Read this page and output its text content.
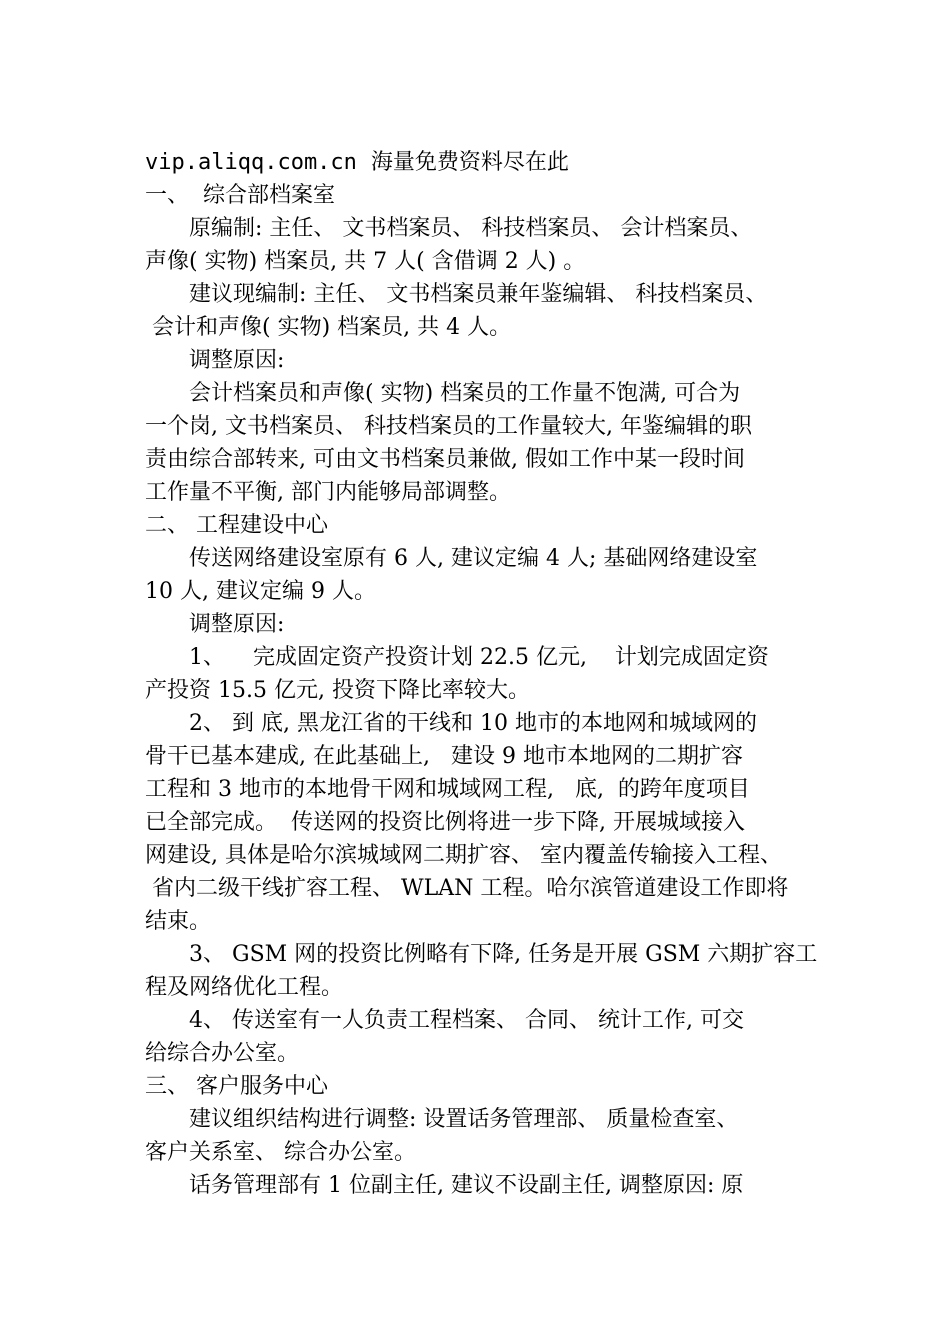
vip.aliqq.com.cn 海量免费资料尽在此
一、  综合部档案室
原编制: 主任、 文书档案员、 科技档案员、 会计档案员、
声像( 实物) 档案员, 共 7 人( 含借调 2 人) 。
建议现编制: 主任、 文书档案员兼年鉴编辑、 科技档案员、
会计和声像( 实物) 档案员, 共 4 人。
调整原因:
会计档案员和声像( 实物) 档案员的工作量不饱满, 可合为
一个岗, 文书档案员、 科技档案员的工作量较大, 年鉴编辑的职
责由综合部转来, 可由文书档案员兼做, 假如工作中某一段时间
工作量不平衡, 部门内能够局部调整。
二、 工程建设中心
传送网络建设室原有 6 人, 建议定编 4 人; 基础网络建设室
10 人, 建议定编 9 人。
调整原因:
1、    完成固定资产投资计划 22.5 亿元,    计划完成固定资
产投资 15.5 亿元, 投资下降比率较大。
2、 到 底, 黑龙江省的干线和 10 地市的本地网和城域网的
骨干已基本建成, 在此基础上,   建设 9 地市本地网的二期扩容
工程和 3 地市的本地骨干网和城域网工程,   底,  的跨年度项目
已全部完成。  传送网的投资比例将进一步下降, 开展城域接入
网建设, 具体是哈尔滨城域网二期扩容、 室内覆盖传输接入工程、
省内二级干线扩容工程、 WLAN 工程。哈尔滨管道建设工作即将
结束。
3、 GSM 网的投资比例略有下降, 任务是开展 GSM 六期扩容工
程及网络优化工程。
4、 传送室有一人负责工程档案、 合同、 统计工作, 可交
给综合办公室。
三、 客户服务中心
建议组织结构进行调整: 设置话务管理部、 质量检查室、
客户关系室、 综合办公室。
话务管理部有 1 位副主任, 建议不设副主任, 调整原因: 原
